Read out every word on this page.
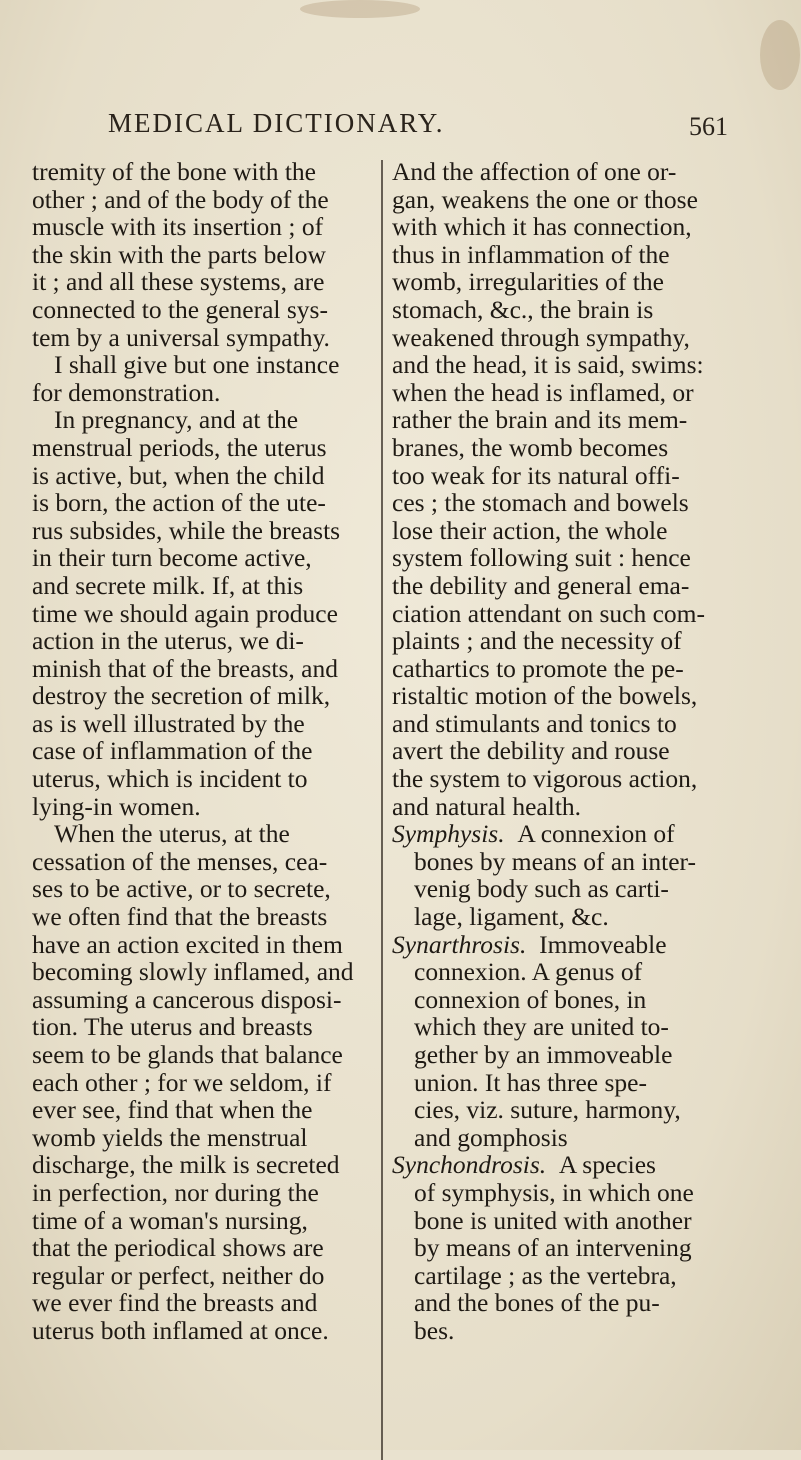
MEDICAL DICTIONARY.	561
tremity of the bone with the
other ; and of the body of the
muscle with its insertion ; of
the skin with the parts below
it ; and all these systems, are
connected to the general sys-
tem by a universal sympathy.
I shall give but one instance
for demonstration.
In pregnancy, and at the
menstrual periods, the uterus
is active, but, when the child
is born, the action of the ute-
rus subsides, while the breasts
in their turn become active,
and secrete milk. If, at this
time we should again produce
action in the uterus, we di-
minish that of the breasts, and
destroy the secretion of milk,
as is well illustrated by the
case of inflammation of the
uterus, which is incident to
lying-in women.
When the uterus, at the
cessation of the menses, cea-
ses to be active, or to secrete,
we often find that the breasts
have an action excited in them
becoming slowly inflamed, and
assuming a cancerous disposi-
tion. The uterus and breasts
seem to be glands that balance
each other ; for we seldom, if
ever see, find that when the
womb yields the menstrual
discharge, the milk is secreted
in perfection, nor during the
time of a woman's nursing,
that the periodical shows are
regular or perfect, neither do
we ever find the breasts and
uterus both inflamed at once.
And the affection of one or-
gan, weakens the one or those
with which it has connection,
thus in inflammation of the
womb, irregularities of the
stomach, &c., the brain is
weakened through sympathy,
and the head, it is said, swims:
when the head is inflamed, or
rather the brain and its mem-
branes, the womb becomes
too weak for its natural offi-
ces ; the stomach and bowels
lose their action, the whole
system following suit : hence
the debility and general ema-
ciation attendant on such com-
plaints ; and the necessity of
cathartics to promote the pe-
ristaltic motion of the bowels,
and stimulants and tonics to
avert the debility and rouse
the system to vigorous action,
and natural health.
Symphysis. A connexion of
bones by means of an inter-
venig body such as carti-
lage, ligament, &c.
Synarthrosis. Immoveable
connexion. A genus of
connexion of bones, in
which they are united to-
gether by an immoveable
union. It has three spe-
cies, viz. suture, harmony,
and gomphosis
Synchondrosis. A species
of symphysis, in which one
bone is united with another
by means of an intervening
cartilage ; as the vertebra,
and the bones of the pu-
bes.
